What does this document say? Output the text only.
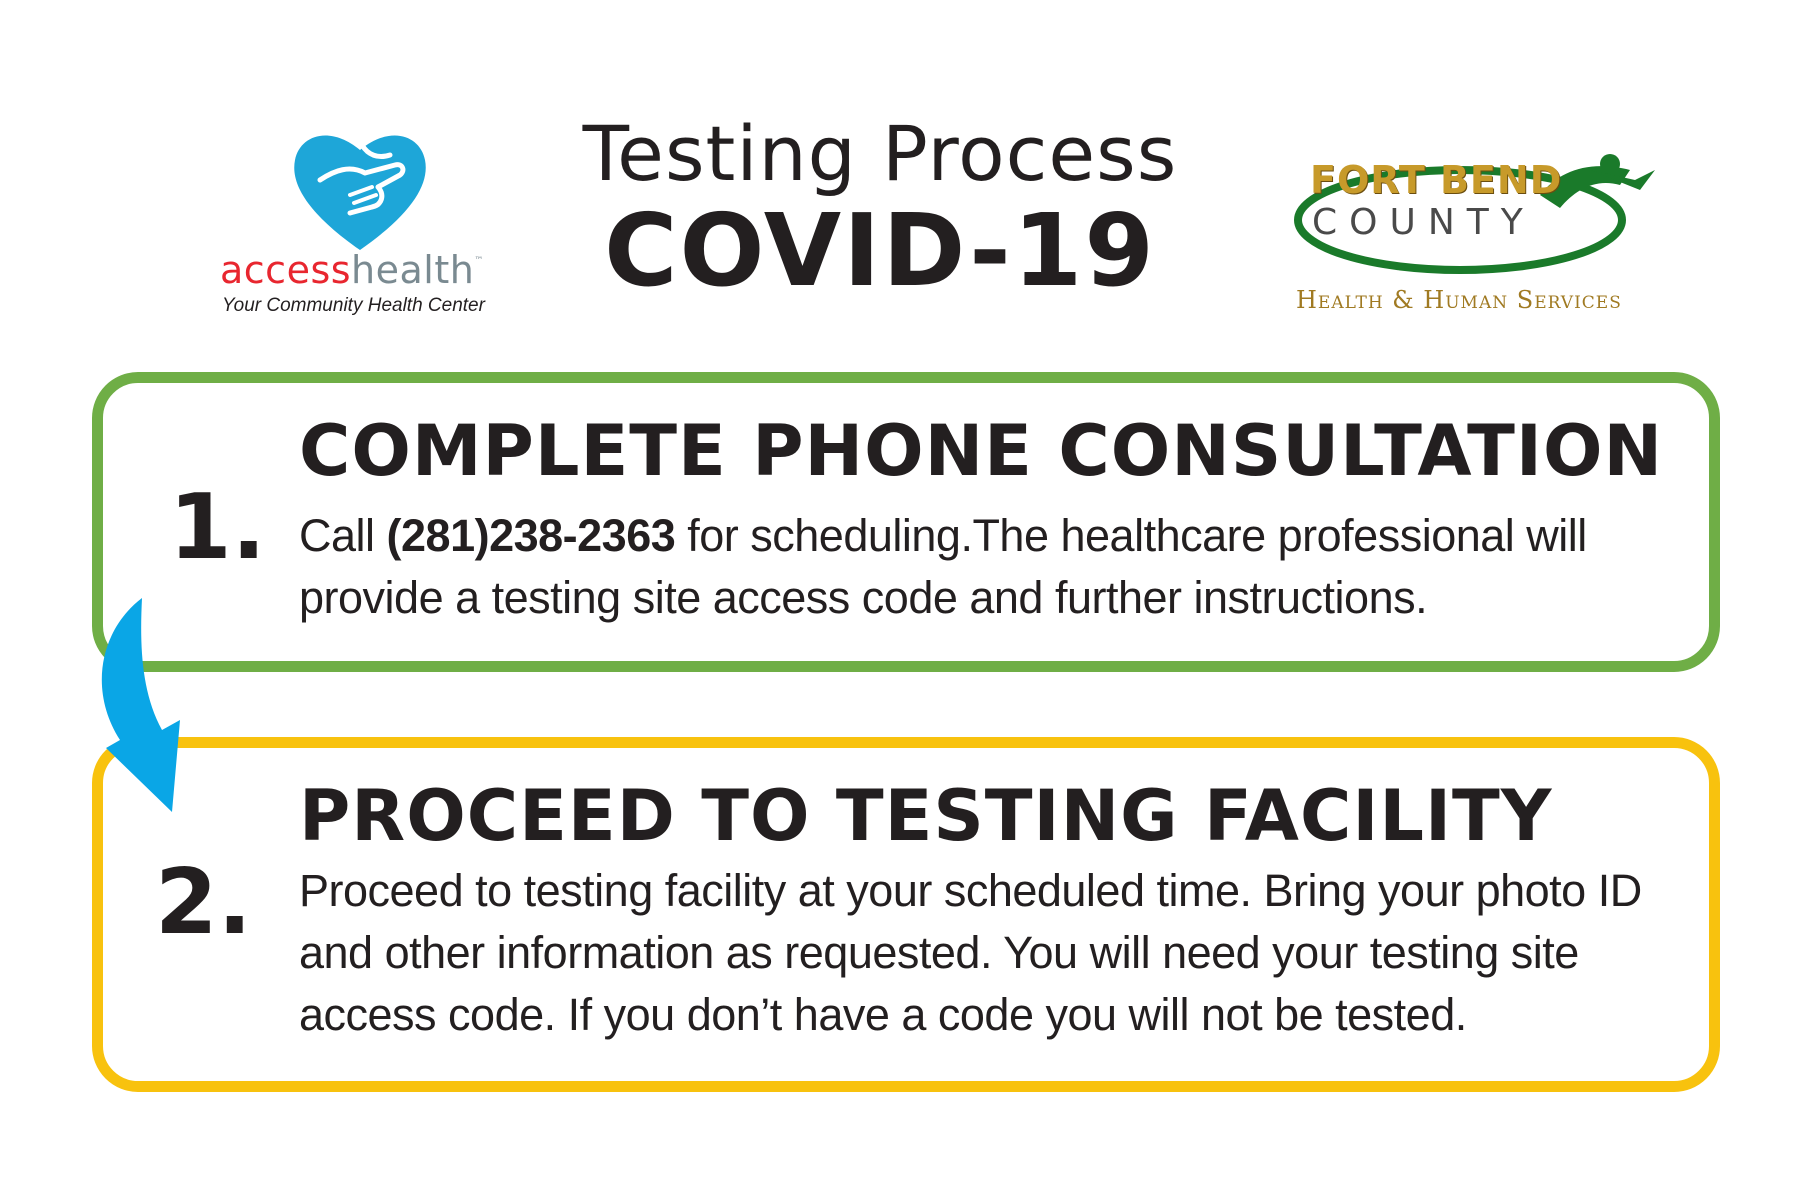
accesshealth™
Your Community Health Center

Testing Process

COVID-19

FORT BEND
COUNTY
Health & Human Services
1.
COMPLETE PHONE CONSULTATION
Call (281)238-2363 for scheduling.The healthcare professional will provide a testing site access code and further instructions.
2.
PROCEED TO TESTING FACILITY
Proceed to testing facility at your scheduled time. Bring your photo ID and other information as requested. You will need your testing site access code. If you don’t have a code you will not be tested.
